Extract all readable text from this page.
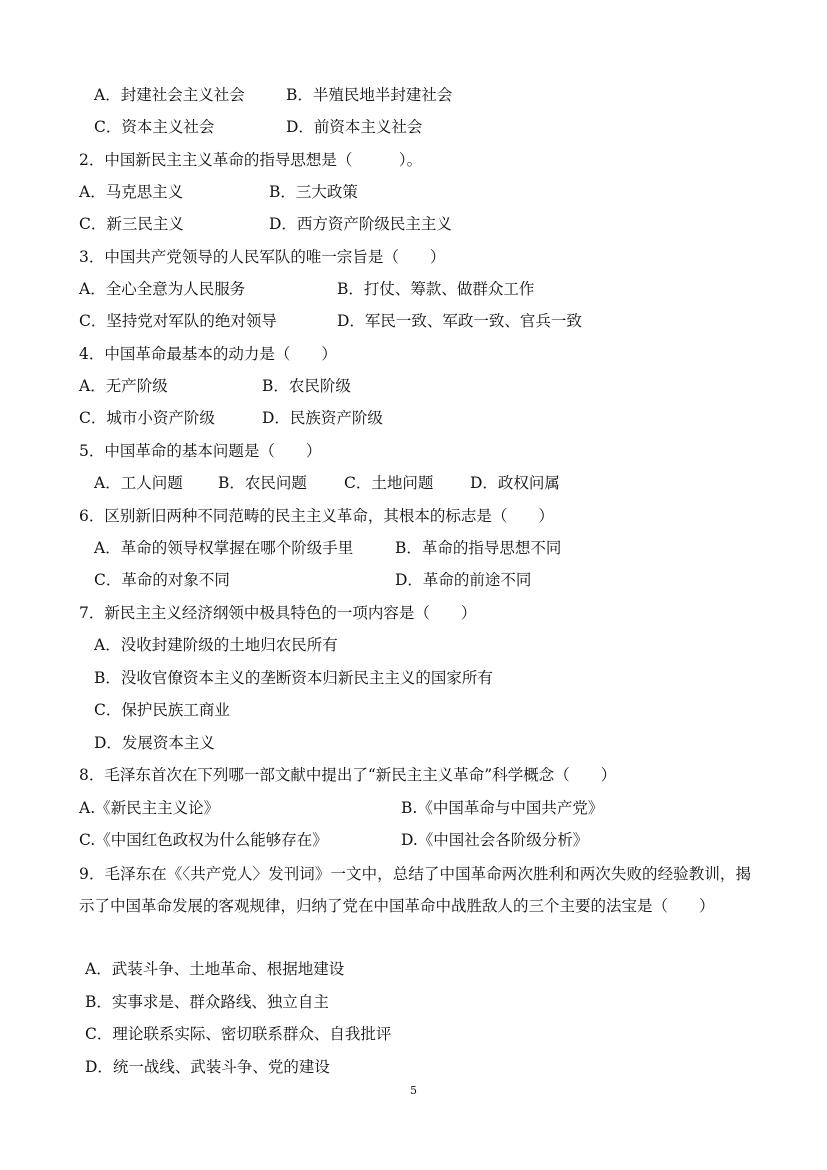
A．封建社会主义社会	B．半殖民地半封建社会
C．资本主义社会	D．前资本主义社会
2．中国新民主主义革命的指导思想是（　　　）。
A．马克思主义	B．三大政策
C．新三民主义	D．西方资产阶级民主主义
3．中国共产党领导的人民军队的唯一宗旨是（　　）
A．全心全意为人民服务	B．打仗、筹款、做群众工作
C．坚持党对军队的绝对领导	D．军民一致、军政一致、官兵一致
4．中国革命最基本的动力是（　　）
A．无产阶级	B．农民阶级
C．城市小资产阶级	D．民族资产阶级
5．中国革命的基本问题是（　　）
A．工人问题 B．农民问题 C．土地问题 D．政权问属
6．区别新旧两种不同范畴的民主主义革命，其根本的标志是（　　）
A．革命的领导权掌握在哪个阶级手里	B．革命的指导思想不同
C．革命的对象不同	D．革命的前途不同
7．新民主主义经济纲领中极具特色的一项内容是（　　）
A．没收封建阶级的土地归农民所有
B．没收官僚资本主义的垄断资本归新民主主义的国家所有
C．保护民族工商业
D．发展资本主义
8．毛泽东首次在下列哪一部文献中提出了“新民主主义革命”科学概念（　　）
A.《新民主主义论》	B.《中国革命与中国共产党》
C.《中国红色政权为什么能够存在》	D.《中国社会各阶级分析》
9．毛泽东在《〈共产党人〉发刊词》一文中，总结了中国革命两次胜利和两次失败的经验教训，揭示了中国革命发展的客观规律，归纳了党在中国革命中战胜敌人的三个主要的法宝是（　　）
A．武装斗争、土地革命、根据地建设
B．实事求是、群众路线、独立自主
C．理论联系实际、密切联系群众、自我批评
D．统一战线、武装斗争、党的建设
5
